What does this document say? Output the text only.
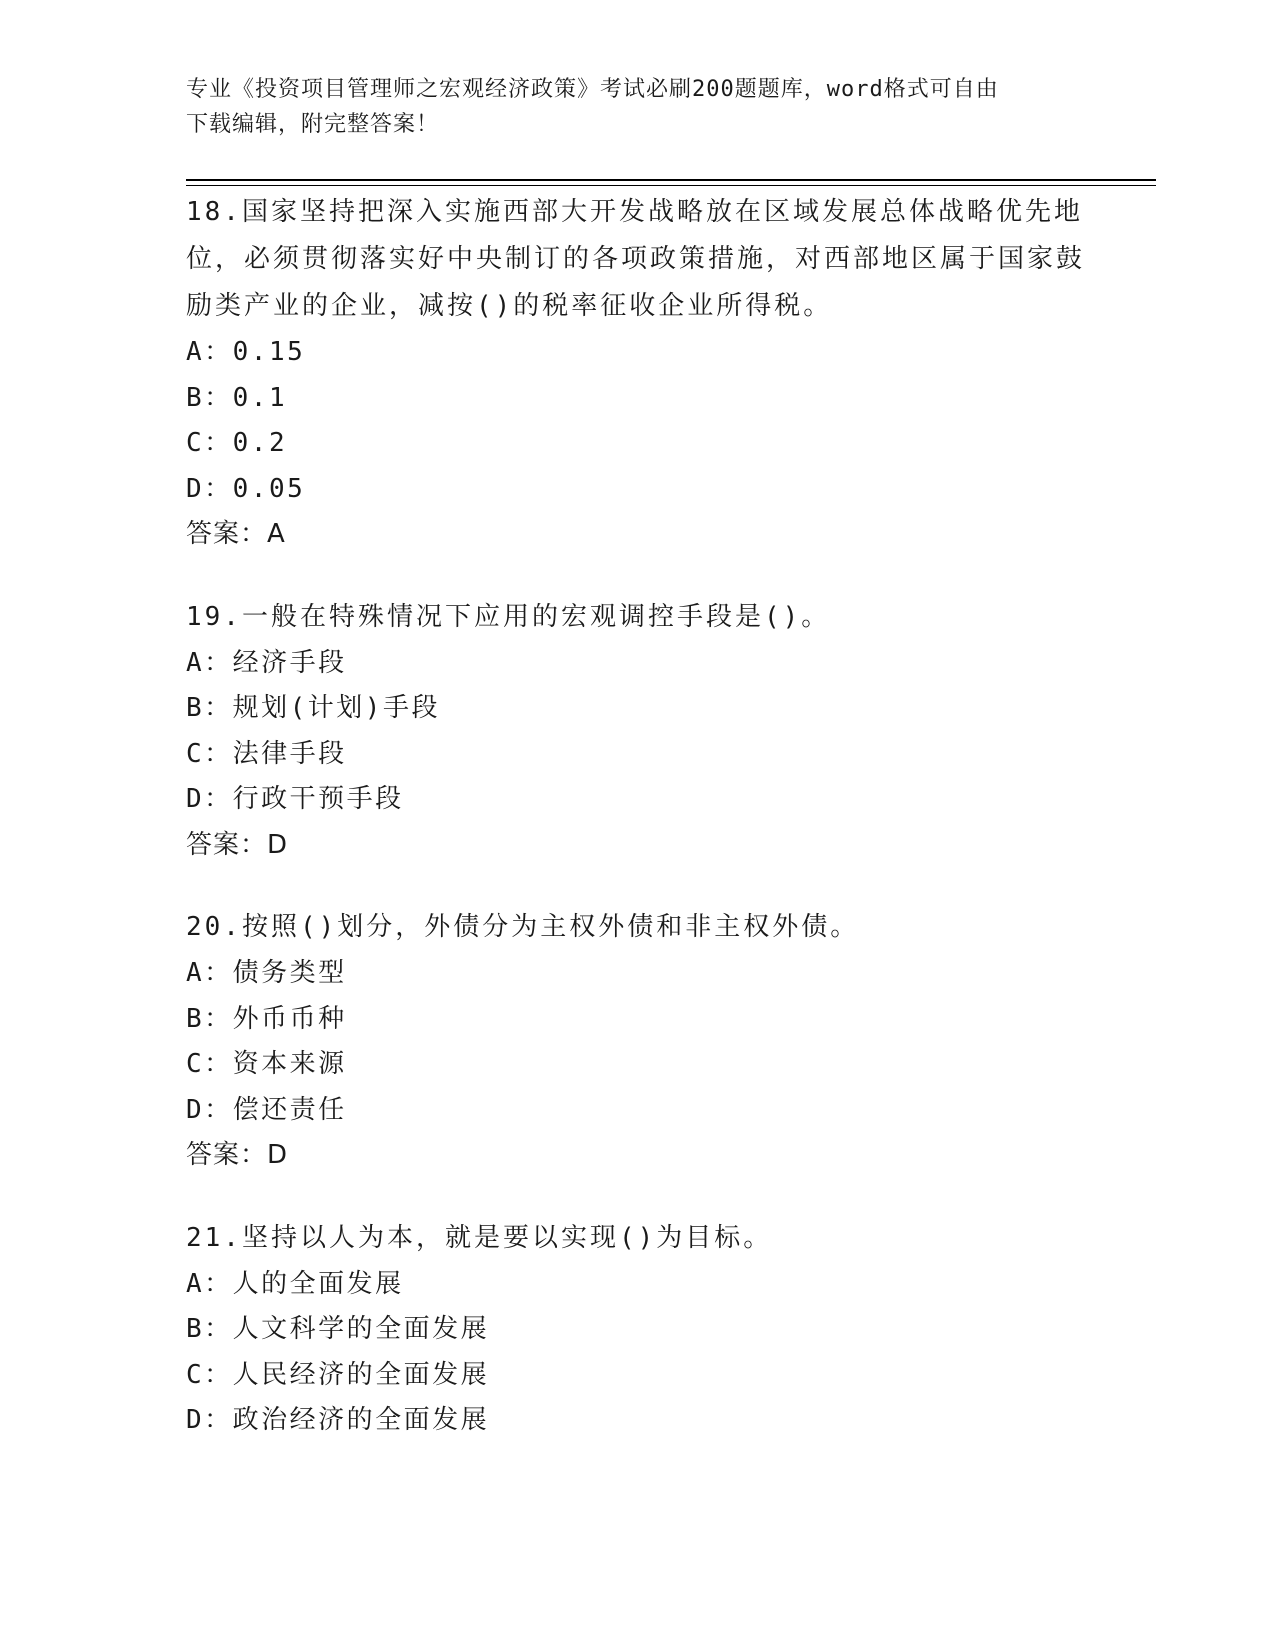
专业《投资项目管理师之宏观经济政策》考试必刷200题题库，word格式可自由
下载编辑，附完整答案！

18.国家坚持把深入实施西部大开发战略放在区域发展总体战略优先地位，必须贯彻落实好中央制订的各项政策措施，对西部地区属于国家鼓励类产业的企业，减按()的税率征收企业所得税。

A：0.15

B：0.1

C：0.2

D：0.05

答案：A

19.一般在特殊情况下应用的宏观调控手段是()。

A：经济手段

B：规划(计划)手段

C：法律手段

D：行政干预手段

答案：D

20.按照()划分，外债分为主权外债和非主权外债。

A：债务类型

B：外币币种

C：资本来源

D：偿还责任

答案：D

21.坚持以人为本，就是要以实现()为目标。

A：人的全面发展

B：人文科学的全面发展

C：人民经济的全面发展

D：政治经济的全面发展
